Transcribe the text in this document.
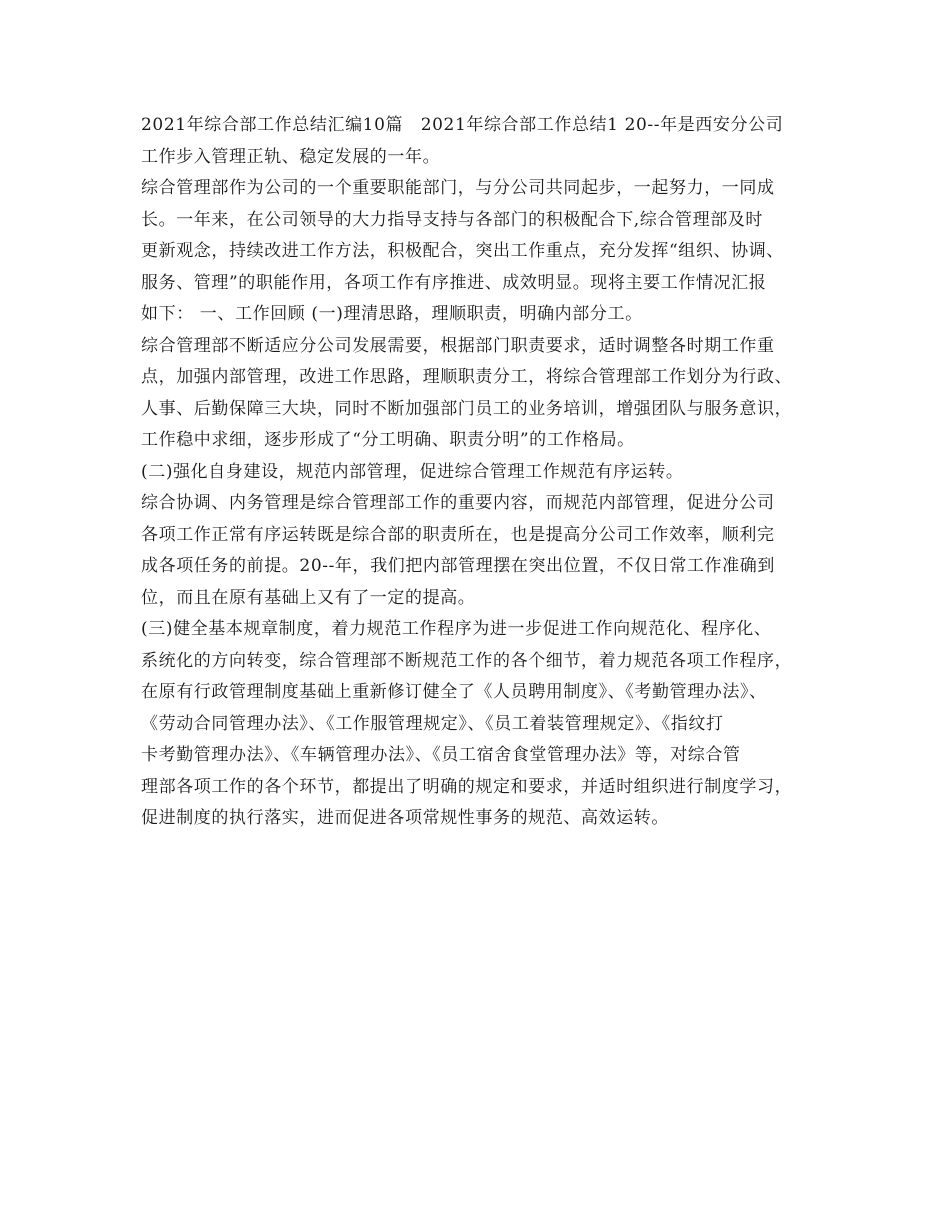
2021年综合部工作总结汇编10篇　2021年综合部工作总结1 20--年是西安分公司
工作步入管理正轨、稳定发展的一年。
综合管理部作为公司的一个重要职能部门，与分公司共同起步，一起努力，一同成
长。一年来，在公司领导的大力指导支持与各部门的积极配合下,综合管理部及时
更新观念，持续改进工作方法，积极配合，突出工作重点，充分发挥“组织、协调、
服务、管理”的职能作用，各项工作有序推进、成效明显。现将主要工作情况汇报
如下： 一、工作回顾 (一)理清思路，理顺职责，明确内部分工。
综合管理部不断适应分公司发展需要，根据部门职责要求，适时调整各时期工作重
点，加强内部管理，改进工作思路，理顺职责分工，将综合管理部工作划分为行政、
人事、后勤保障三大块，同时不断加强部门员工的业务培训，增强团队与服务意识，
工作稳中求细，逐步形成了“分工明确、职责分明”的工作格局。
(二)强化自身建设，规范内部管理，促进综合管理工作规范有序运转。
综合协调、内务管理是综合管理部工作的重要内容，而规范内部管理，促进分公司
各项工作正常有序运转既是综合部的职责所在，也是提高分公司工作效率，顺利完
成各项任务的前提。20--年，我们把内部管理摆在突出位置，不仅日常工作准确到
位，而且在原有基础上又有了一定的提高。
(三)健全基本规章制度，着力规范工作程序为进一步促进工作向规范化、程序化、
系统化的方向转变，综合管理部不断规范工作的各个细节，着力规范各项工作程序，
在原有行政管理制度基础上重新修订健全了《人员聘用制度》、《考勤管理办法》、
《劳动合同管理办法》、《工作服管理规定》、《员工着装管理规定》、《指纹打
卡考勤管理办法》、《车辆管理办法》、《员工宿舍食堂管理办法》等，对综合管
理部各项工作的各个环节，都提出了明确的规定和要求，并适时组织进行制度学习，
促进制度的执行落实，进而促进各项常规性事务的规范、高效运转。
